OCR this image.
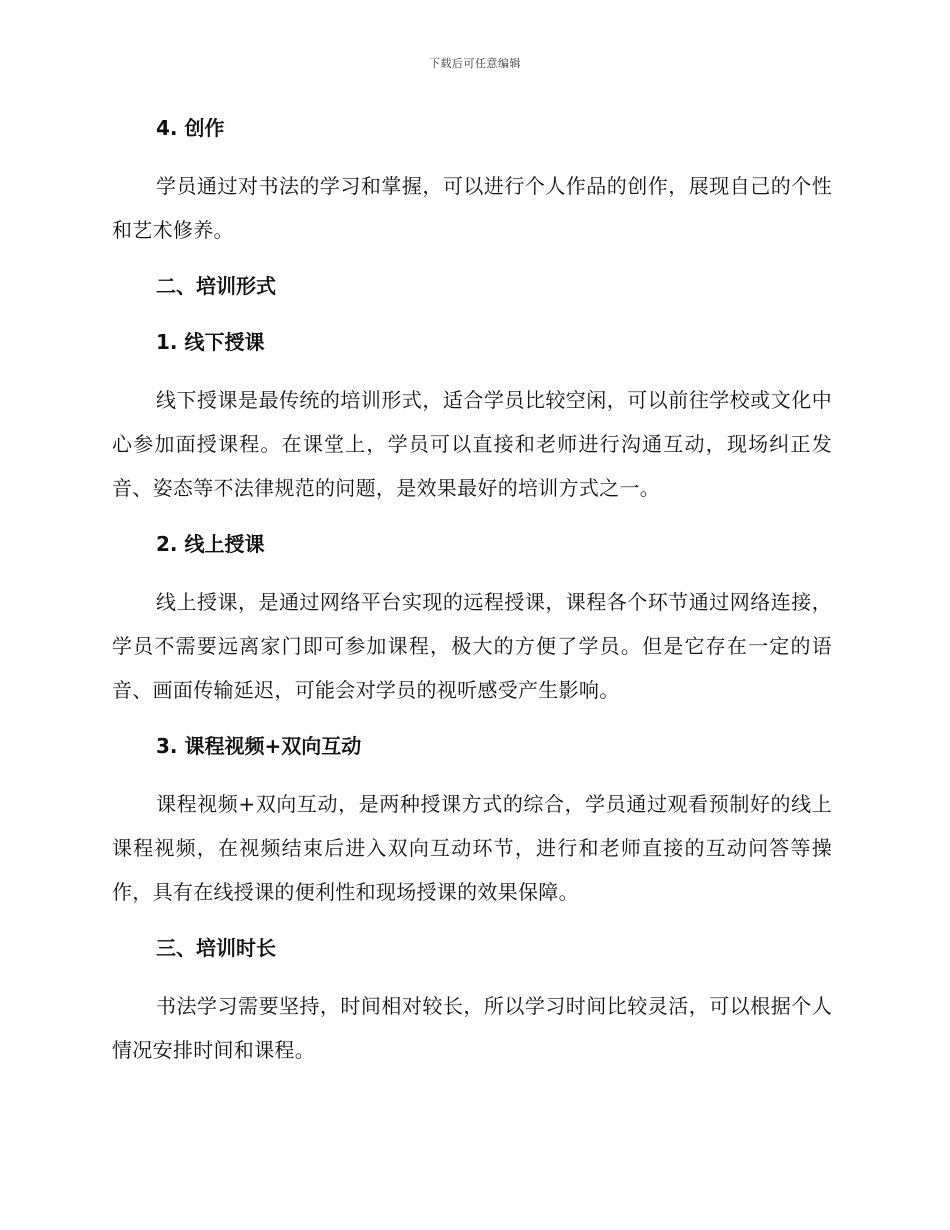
下载后可任意编辑
4. 创作
学员通过对书法的学习和掌握，可以进行个人作品的创作，展现自己的个性和艺术修养。
二、培训形式
1. 线下授课
线下授课是最传统的培训形式，适合学员比较空闲，可以前往学校或文化中心参加面授课程。在课堂上，学员可以直接和老师进行沟通互动，现场纠正发音、姿态等不法律规范的问题，是效果最好的培训方式之一。
2. 线上授课
线上授课，是通过网络平台实现的远程授课，课程各个环节通过网络连接，学员不需要远离家门即可参加课程，极大的方便了学员。但是它存在一定的语音、画面传输延迟，可能会对学员的视听感受产生影响。
3. 课程视频+双向互动
课程视频+双向互动，是两种授课方式的综合，学员通过观看预制好的线上课程视频，在视频结束后进入双向互动环节，进行和老师直接的互动问答等操作，具有在线授课的便利性和现场授课的效果保障。
三、培训时长
书法学习需要坚持，时间相对较长，所以学习时间比较灵活，可以根据个人情况安排时间和课程。
